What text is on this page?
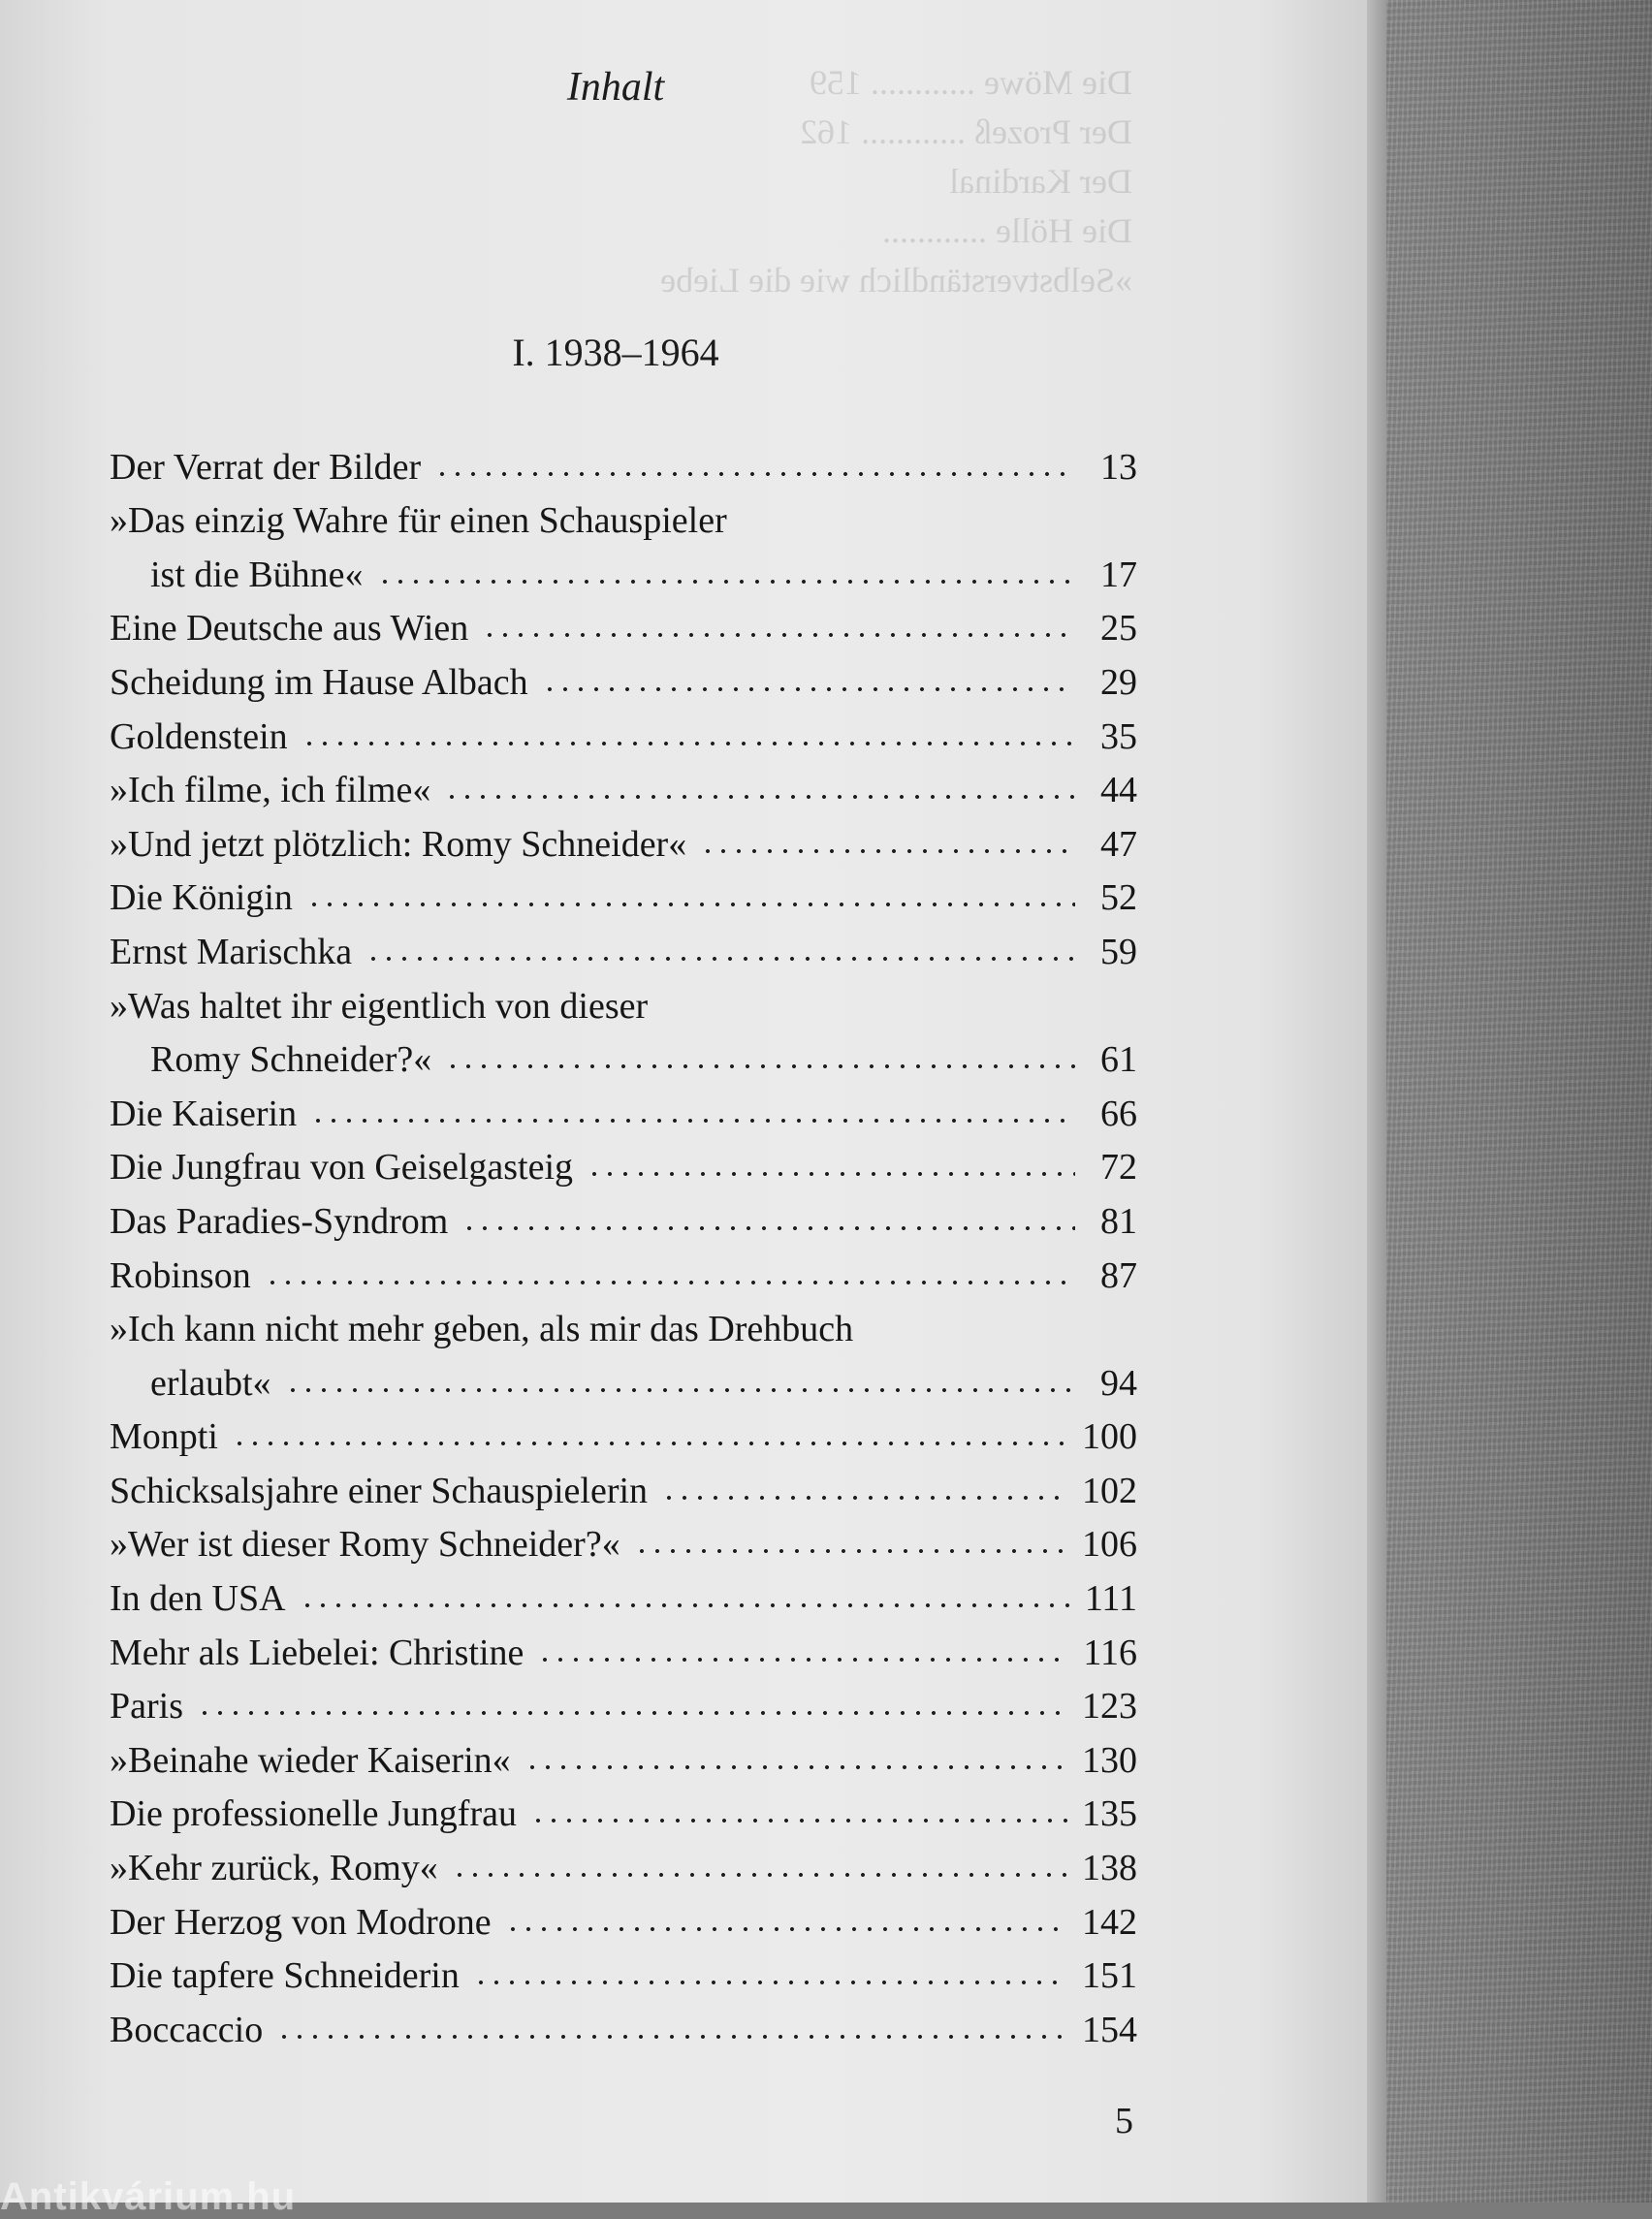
Die Möwe ............ 159
Der Prozeß ............ 162
Der Kardinal
Die Hölle ............
»Selbstverständlich wie die Liebe
Inhalt
I. 1938–1964
Der Verrat der Bilder	13
»Das einzig Wahre für einen Schauspieler
ist die Bühne«	17
Eine Deutsche aus Wien	25
Scheidung im Hause Albach	29
Goldenstein	35
»Ich filme, ich filme«	44
»Und jetzt plötzlich: Romy Schneider«	47
Die Königin	52
Ernst Marischka	59
»Was haltet ihr eigentlich von dieser
Romy Schneider?«	61
Die Kaiserin	66
Die Jungfrau von Geiselgasteig	72
Das Paradies-Syndrom	81
Robinson	87
»Ich kann nicht mehr geben, als mir das Drehbuch
erlaubt«	94
Monpti	100
Schicksalsjahre einer Schauspielerin	102
»Wer ist dieser Romy Schneider?«	106
In den USA	111
Mehr als Liebelei: Christine	116
Paris	123
»Beinahe wieder Kaiserin«	130
Die professionelle Jungfrau	135
»Kehr zurück, Romy«	138
Der Herzog von Modrone	142
Die tapfere Schneiderin	151
Boccaccio	154
5
Antikvárium.hu
